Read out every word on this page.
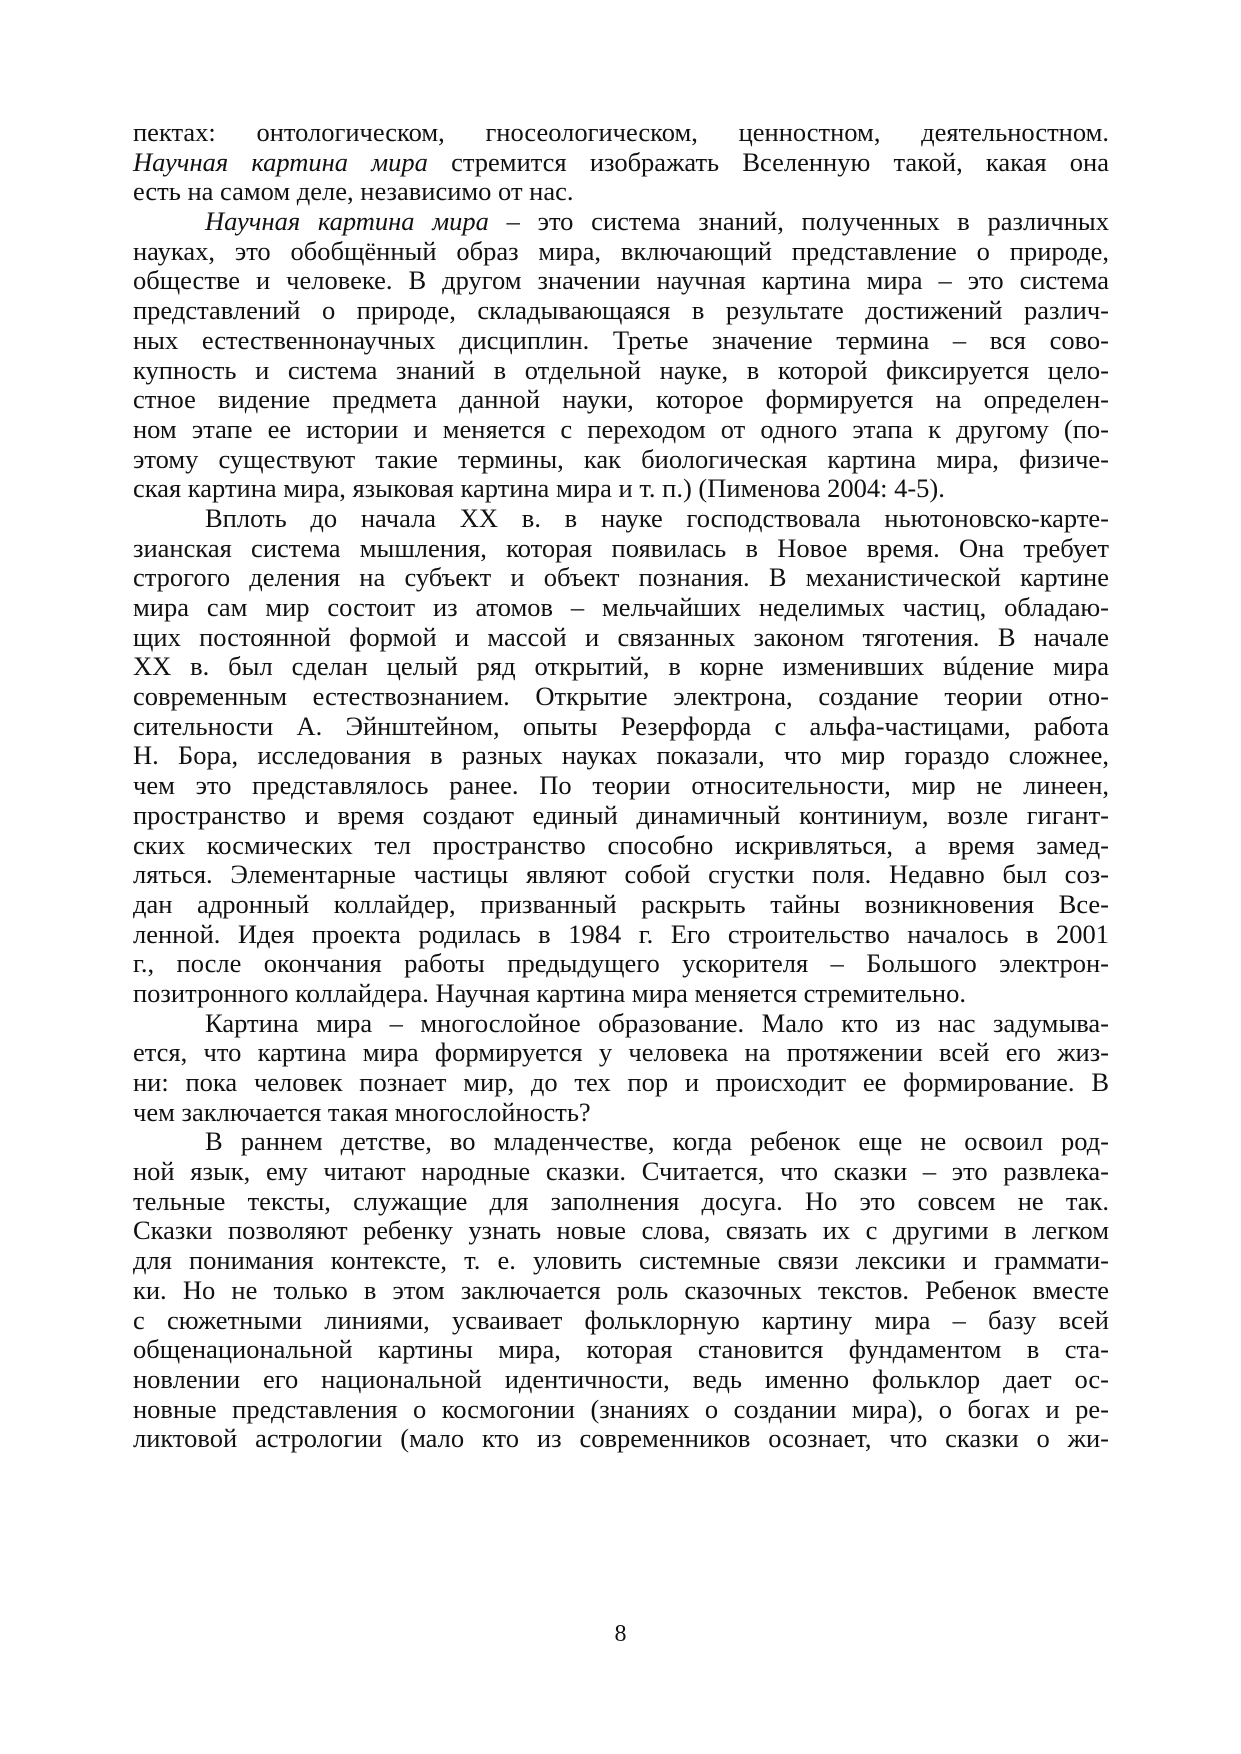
пектах: онтологическом, гносеологическом, ценностном, деятельностном.
Научная картина мира стремится изображать Вселенную такой, какая она
есть на самом деле, независимо от нас.
Научная картина мира – это система знаний, полученных в различных
науках, это обобщённый образ мира, включающий представление о природе,
обществе и человеке. В другом значении научная картина мира – это система
представлений о природе, складывающаяся в результате достижений различ-
ных естественнонаучных дисциплин. Третье значение термина – вся сово-
купность и система знаний в отдельной науке, в которой фиксируется цело-
стное видение предмета данной науки, которое формируется на определен-
ном этапе ее истории и меняется с переходом от одного этапа к другому (по-
этому существуют такие термины, как биологическая картина мира, физиче-
ская картина мира, языковая картина мира и т. п.) (Пименова 2004: 4-5).
Вплоть до начала XX в. в науке господствовала ньютоновско-карте-
зианская система мышления, которая появилась в Новое время. Она требует
строгого деления на субъект и объект познания. В механистической картине
мира сам мир состоит из атомов – мельчайших неделимых частиц, обладаю-
щих постоянной формой и массой и связанных законом тяготения. В начале
XX в. был сделан целый ряд открытий, в корне изменивших вúдение мира
современным естествознанием. Открытие электрона, создание теории отно-
сительности А. Эйнштейном, опыты Резерфорда с альфа-частицами, работа
Н. Бора, исследования в разных науках показали, что мир гораздо сложнее,
чем это представлялось ранее. По теории относительности, мир не линеен,
пространство и время создают единый динамичный континиум, возле гигант-
ских космических тел пространство способно искривляться, а время замед-
ляться. Элементарные частицы являют собой сгустки поля. Недавно был соз-
дан адронный коллайдер, призванный раскрыть тайны возникновения Все-
ленной. Идея проекта родилась в 1984 г. Его строительство началось в 2001
г., после окончания работы предыдущего ускорителя – Большого электрон-
позитронного коллайдера. Научная картина мира меняется стремительно.
Картина мира – многослойное образование. Мало кто из нас задумыва-
ется, что картина мира формируется у человека на протяжении всей его жиз-
ни: пока человек познает мир, до тех пор и происходит ее формирование. В
чем заключается такая многослойность?
В раннем детстве, во младенчестве, когда ребенок еще не освоил род-
ной язык, ему читают народные сказки. Считается, что сказки – это развлека-
тельные тексты, служащие для заполнения досуга. Но это совсем не так.
Сказки позволяют ребенку узнать новые слова, связать их с другими в легком
для понимания контексте, т. е. уловить системные связи лексики и граммати-
ки. Но не только в этом заключается роль сказочных текстов. Ребенок вместе
с сюжетными линиями, усваивает фольклорную картину мира – базу всей
общенациональной картины мира, которая становится фундаментом в ста-
новлении его национальной идентичности, ведь именно фольклор дает ос-
новные представления о космогонии (знаниях о создании мира), о богах и ре-
ликтовой астрологии (мало кто из современников осознает, что сказки о жи-
8
